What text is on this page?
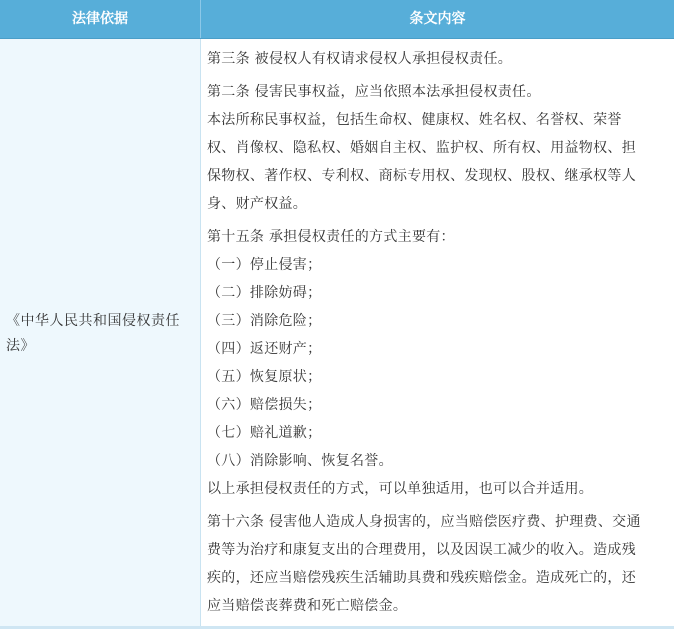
法律依据	条文内容
《中华人民共和国侵权责任法》
第三条 被侵权人有权请求侵权人承担侵权责任。
第二条 侵害民事权益，应当依照本法承担侵权责任。
本法所称民事权益，包括生命权、健康权、姓名权、名誉权、荣誉
权、肖像权、隐私权、婚姻自主权、监护权、所有权、用益物权、担
保物权、著作权、专利权、商标专用权、发现权、股权、继承权等人
身、财产权益。
第十五条 承担侵权责任的方式主要有：
（一）停止侵害；
（二）排除妨碍；
（三）消除危险；
（四）返还财产；
（五）恢复原状；
（六）赔偿损失；
（七）赔礼道歉；
（八）消除影响、恢复名誉。
以上承担侵权责任的方式，可以单独适用，也可以合并适用。
第十六条 侵害他人造成人身损害的，应当赔偿医疗费、护理费、交通
费等为治疗和康复支出的合理费用，以及因误工减少的收入。造成残
疾的，还应当赔偿残疾生活辅助具费和残疾赔偿金。造成死亡的，还
应当赔偿丧葬费和死亡赔偿金。
